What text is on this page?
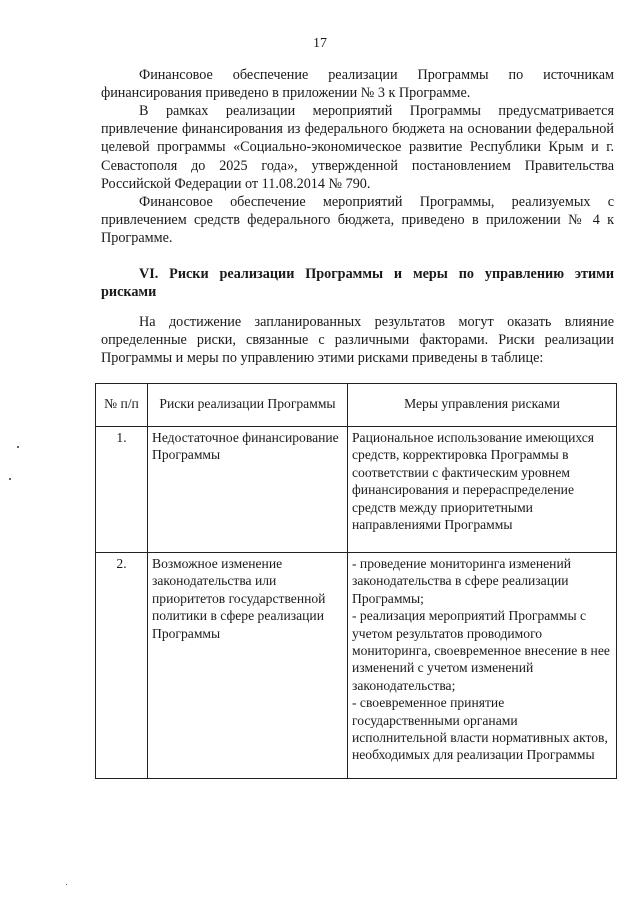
17

Финансовое обеспечение реализации Программы по источникам финансирования приведено в приложении № 3 к Программе.

В рамках реализации мероприятий Программы предусматривается привлечение финансирования из федерального бюджета на основании федеральной целевой программы «Социально-экономическое развитие Республики Крым и г. Севастополя до 2025 года», утвержденной постановлением Правительства Российской Федерации от 11.08.2014 № 790.

Финансовое обеспечение мероприятий Программы, реализуемых с привлечением средств федерального бюджета, приведено в приложении № 4 к Программе.

VI. Риски реализации Программы и меры по управлению этими рисками

На достижение запланированных результатов могут оказать влияние определенные риски, связанные с различными факторами. Риски реализации Программы и меры по управлению этими рисками приведены в таблице:

№ п/п	Риски реализации Программы	Меры управления рисками
1.	Недостаточное финансирование Программы	Рациональное использование имеющихся средств, корректировка Программы в соответствии с фактическим уровнем финансирования и перераспределение средств между приоритетными направлениями Программы

2.	Возможное изменение законодательства или приоритетов государственной политики в сфере реализации Программы	- проведение мониторинга изменений законодательства в сфере реализации Программы;
- реализация мероприятий Программы с учетом результатов проводимого мониторинга, своевременное внесение в нее изменений с учетом изменений законодательства;
- своевременное принятие государственными органами исполнительной власти нормативных актов, необходимых для реализации Программы
